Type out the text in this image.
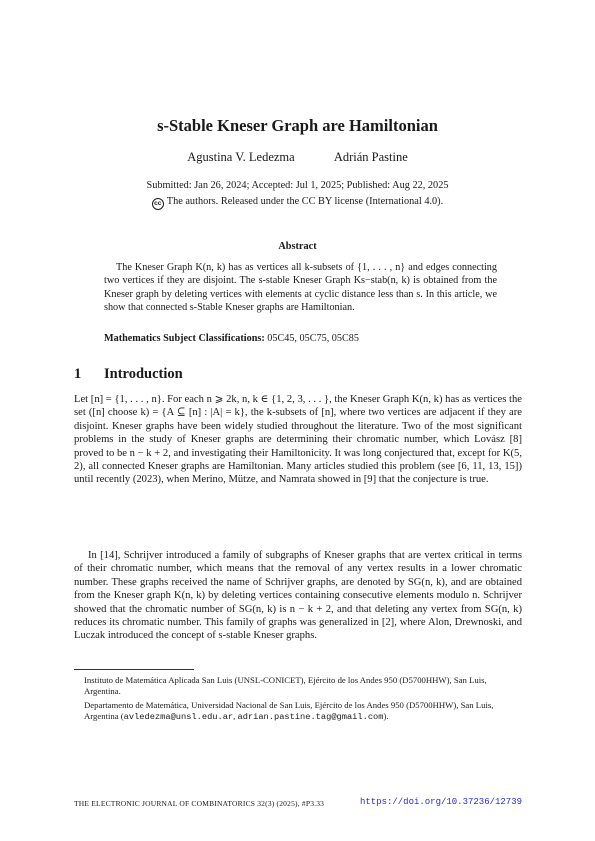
s-Stable Kneser Graph are Hamiltonian
Agustina V. Ledezma	Adrián Pastine
Submitted: Jan 26, 2024; Accepted: Jul 1, 2025; Published: Aug 22, 2025
cc The authors. Released under the CC BY license (International 4.0).
Abstract
The Kneser Graph K(n, k) has as vertices all k-subsets of {1, . . . , n} and edges connecting two vertices if they are disjoint. The s-stable Kneser Graph Ks−stab(n, k) is obtained from the Kneser graph by deleting vertices with elements at cyclic distance less than s. In this article, we show that connected s-Stable Kneser graphs are Hamiltonian.
Mathematics Subject Classifications: 05C45, 05C75, 05C85
1 Introduction
Let [n] = {1, . . . , n}. For each n ⩾ 2k, n, k ∈ {1, 2, 3, . . . }, the Kneser Graph K(n, k) has as vertices the set ([n] choose k) = {A ⊆ [n] : |A| = k}, the k-subsets of [n], where two vertices are adjacent if they are disjoint. Kneser graphs have been widely studied throughout the literature. Two of the most significant problems in the study of Kneser graphs are determining their chromatic number, which Lovász [8] proved to be n − k + 2, and investigating their Hamiltonicity. It was long conjectured that, except for K(5, 2), all connected Kneser graphs are Hamiltonian. Many articles studied this problem (see [6, 11, 13, 15]) until recently (2023), when Merino, Mütze, and Namrata showed in [9] that the conjecture is true.
In [14], Schrijver introduced a family of subgraphs of Kneser graphs that are vertex critical in terms of their chromatic number, which means that the removal of any vertex results in a lower chromatic number. These graphs received the name of Schrijver graphs, are denoted by SG(n, k), and are obtained from the Kneser graph K(n, k) by deleting vertices containing consecutive elements modulo n. Schrijver showed that the chromatic number of SG(n, k) is n − k + 2, and that deleting any vertex from SG(n, k) reduces its chromatic number. This family of graphs was generalized in [2], where Alon, Drewnoski, and Luczak introduced the concept of s-stable Kneser graphs.
Instituto de Matemática Aplicada San Luis (UNSL-CONICET), Ejército de los Andes 950 (D5700HHW), San Luis, Argentina.
Departamento de Matemática, Universidad Nacional de San Luis, Ejército de los Andes 950 (D5700HHW), San Luis, Argentina (avledezma@unsl.edu.ar, adrian.pastine.tag@gmail.com).
THE ELECTRONIC JOURNAL OF COMBINATORICS 32(3) (2025), #P3.33	https://doi.org/10.37236/12739
